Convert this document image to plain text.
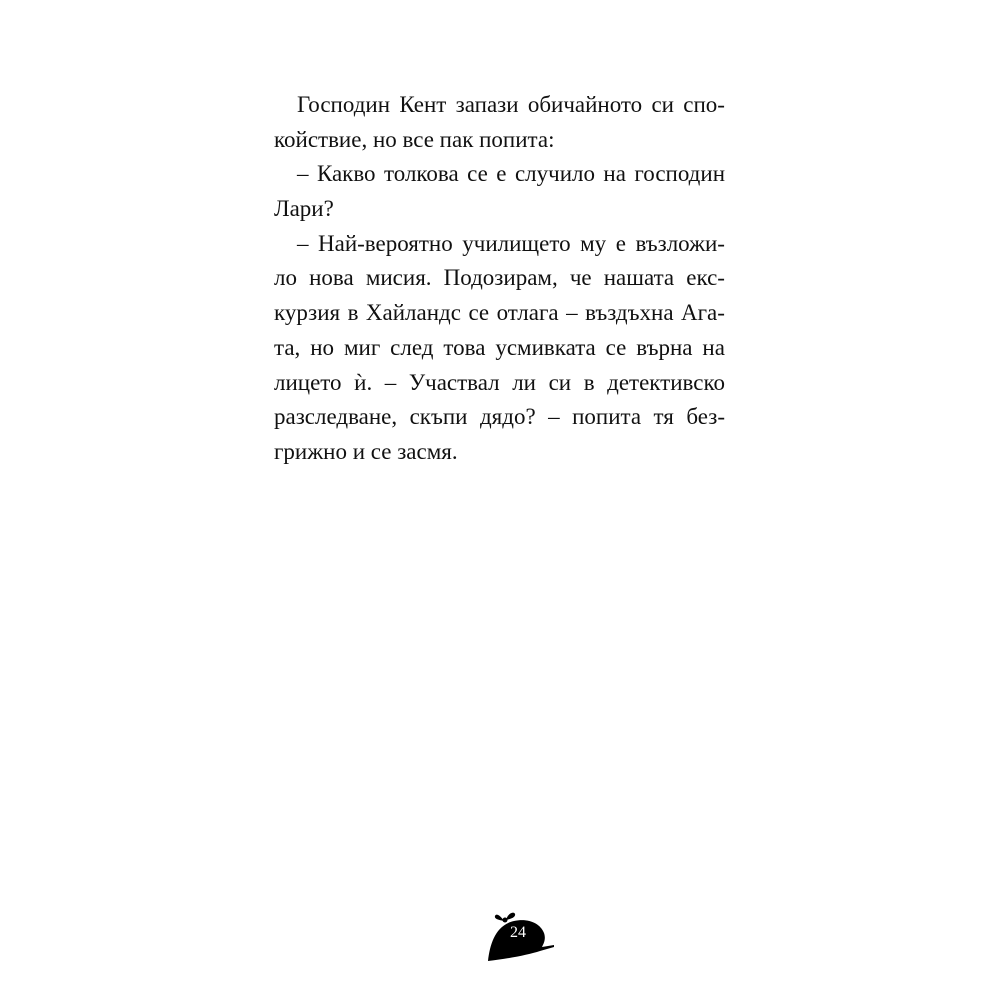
Господин Кент запази обичайното си спо-
койствие, но все пак попита:
– Какво толкова се е случило на господин
Лари?
– Най-вероятно училището му е възложи-
ло нова мисия. Подозирам, че нашата екс-
курзия в Хайландс се отлага – въздъхна Ага-
та, но миг след това усмивката се върна на
лицето ѝ. – Участвал ли си в детективско
разследване, скъпи дядо? – попита тя без-
грижно и се засмя.
24
